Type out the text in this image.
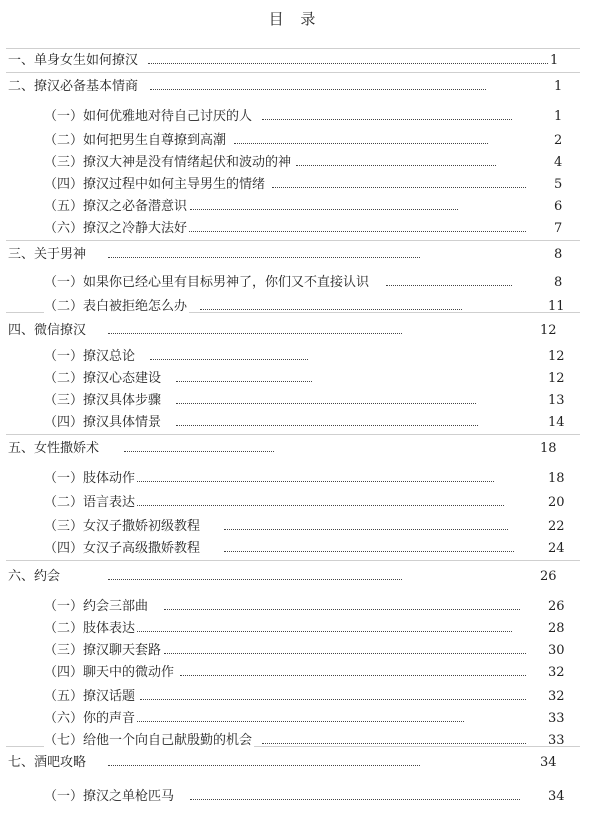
目 录
一、单身女生如何撩汉	1
二、撩汉必备基本情商	1
（一）如何优雅地对待自己讨厌的人	1
（二）如何把男生自尊撩到高潮	2
（三）撩汉大神是没有情绪起伏和波动的神	4
（四）撩汉过程中如何主导男生的情绪	5
（五）撩汉之必备潜意识	6
（六）撩汉之冷静大法好	7
三、关于男神	8
（一）如果你已经心里有目标男神了，你们又不直接认识	8
（二）表白被拒绝怎么办	11
四、微信撩汉	12
（一）撩汉总论	12
（二）撩汉心态建设	12
（三）撩汉具体步骤	13
（四）撩汉具体情景	14
五、女性撒娇术	18
（一）肢体动作	18
（二）语言表达	20
（三）女汉子撒娇初级教程	22
（四）女汉子高级撒娇教程	24
六、约会	26
（一）约会三部曲	26
（二）肢体表达	28
（三）撩汉聊天套路	30
（四）聊天中的微动作	32
（五）撩汉话题	32
（六）你的声音	33
（七）给他一个向自己献殷勤的机会	33
七、酒吧攻略	34
（一）撩汉之单枪匹马	34
